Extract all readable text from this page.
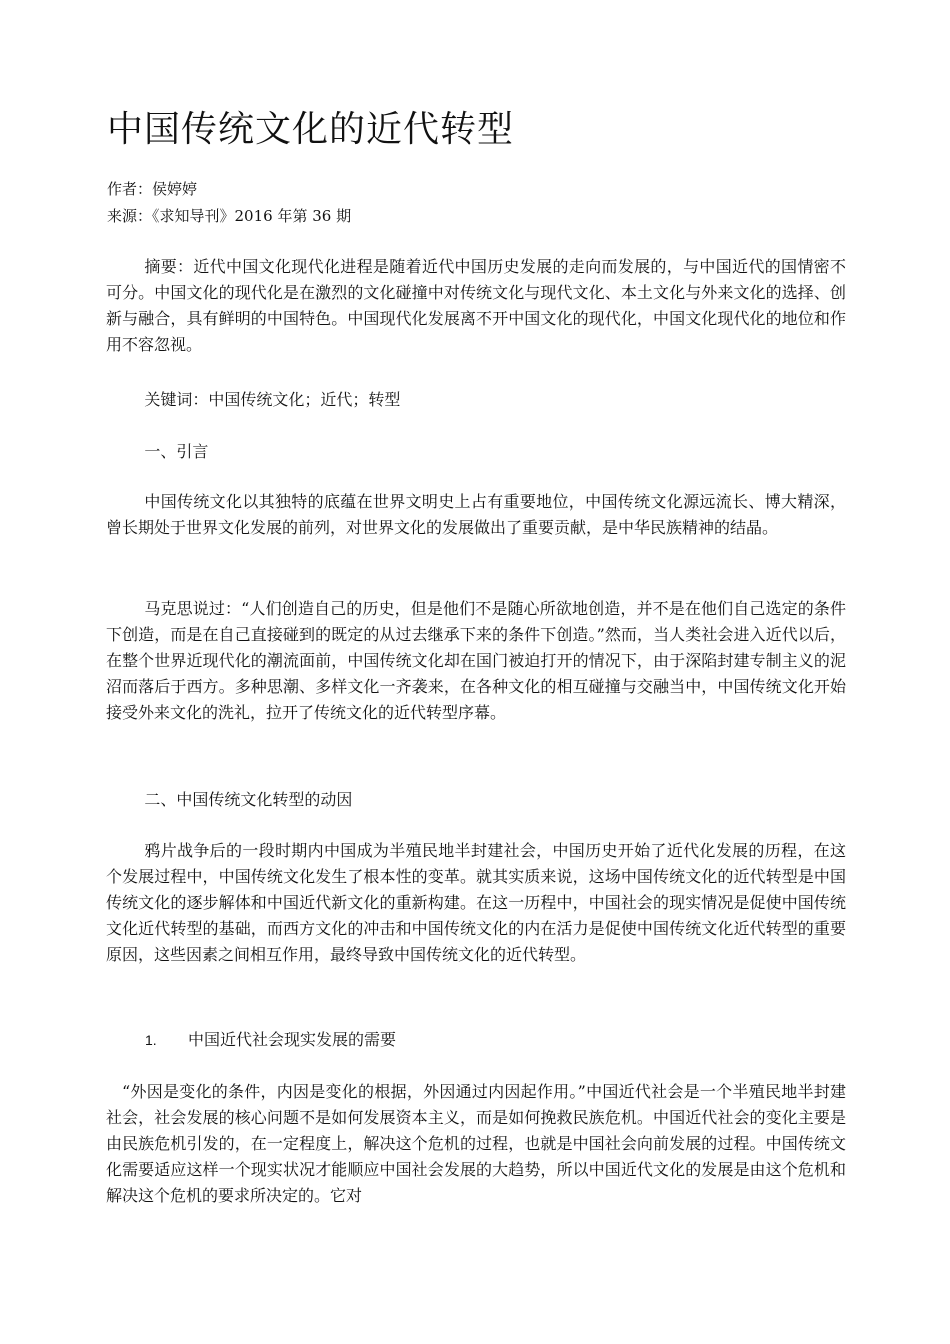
中国传统文化的近代转型

作者：侯婷婷

来源：《求知导刊》2016 年第 36 期

摘要：近代中国文化现代化进程是随着近代中国历史发展的走向而发展的，与中国近代的国情密不可分。中国文化的现代化是在激烈的文化碰撞中对传统文化与现代文化、本土文化与外来文化的选择、创新与融合，具有鲜明的中国特色。中国现代化发展离不开中国文化的现代化，中国文化现代化的地位和作用不容忽视。

关键词：中国传统文化；近代；转型

一、引言

中国传统文化以其独特的底蕴在世界文明史上占有重要地位，中国传统文化源远流长、博大精深，曾长期处于世界文化发展的前列，对世界文化的发展做出了重要贡献，是中华民族精神的结晶。

马克思说过：“人们创造自己的历史，但是他们不是随心所欲地创造，并不是在他们自己选定的条件下创造，而是在自己直接碰到的既定的从过去继承下来的条件下创造。”然而，当人类社会进入近代以后，在整个世界近现代化的潮流面前，中国传统文化却在国门被迫打开的情况下，由于深陷封建专制主义的泥沼而落后于西方。多种思潮、多样文化一齐袭来，在各种文化的相互碰撞与交融当中，中国传统文化开始接受外来文化的洗礼，拉开了传统文化的近代转型序幕。

二、中国传统文化转型的动因

鸦片战争后的一段时期内中国成为半殖民地半封建社会，中国历史开始了近代化发展的历程，在这个发展过程中，中国传统文化发生了根本性的变革。就其实质来说，这场中国传统文化的近代转型是中国传统文化的逐步解体和中国近代新文化的重新构建。在这一历程中，中国社会的现实情况是促使中国传统文化近代转型的基础，而西方文化的冲击和中国传统文化的内在活力是促使中国传统文化近代转型的重要原因，这些因素之间相互作用，最终导致中国传统文化的近代转型。

1. 中国近代社会现实发展的需要

“外因是变化的条件，内因是变化的根据，外因通过内因起作用。”中国近代社会是一个半殖民地半封建社会，社会发展的核心问题不是如何发展资本主义，而是如何挽救民族危机。中国近代社会的变化主要是由民族危机引发的，在一定程度上，解决这个危机的过程，也就是中国社会向前发展的过程。中国传统文化需要适应这样一个现实状况才能顺应中国社会发展的大趋势，所以中国近代文化的发展是由这个危机和解决这个危机的要求所决定的。它对
